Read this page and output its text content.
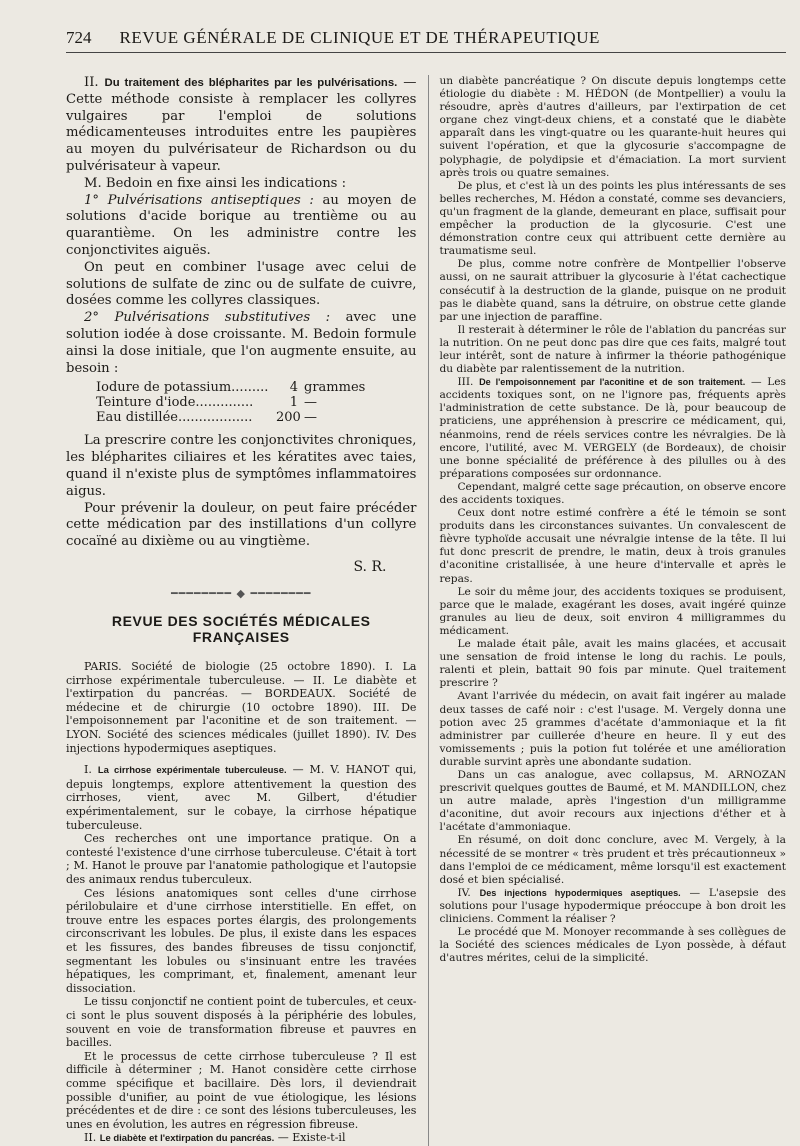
724 REVUE GÉNÉRALE DE CLINIQUE ET DE THÉRAPEUTIQUE

II. Du traitement des blépharites par les pulvérisations. — Cette méthode consiste à remplacer les collyres vulgaires par l'emploi de solutions médicamenteuses introduites entre les paupières au moyen du pulvérisateur de Richardson ou du pulvérisateur à vapeur.

M. Bedoin en fixe ainsi les indications :

1° Pulvérisations antiseptiques : au moyen de solutions d'acide borique au trentième ou au quarantième. On les administre contre les conjonctivites aiguës.

On peut en combiner l'usage avec celui de solutions de sulfate de zinc ou de sulfate de cuivre, dosées comme les collyres classiques.

2° Pulvérisations substitutives : avec une solution iodée à dose croissante. M. Bedoin formule ainsi la dose initiale, que l'on augmente ensuite, au besoin :

Iodure de potassium.........	4 grammes
Teinture d'iode..............	1 —
Eau distillée..................	200 —

La prescrire contre les conjonctivites chroniques, les blépharites ciliaires et les kératites avec taies, quand il n'existe plus de symptômes inflammatoires aigus.

Pour prévenir la douleur, on peut faire précéder cette médication par des instillations d'un collyre cocaïné au dixième ou au vingtième.

S. R.
━━━━━━━━ ◆ ━━━━━━━━
REVUE DES SOCIÉTÉS MÉDICALES FRANÇAISES

PARIS. Société de biologie (25 octobre 1890). I. La cirrhose expérimentale tuberculeuse. — II. Le diabète et l'extirpation du pancréas. — BORDEAUX. Société de médecine et de chirurgie (10 octobre 1890). III. De l'empoisonnement par l'aconitine et de son traitement. — LYON. Société des sciences médicales (juillet 1890). IV. Des injections hypodermiques aseptiques.

I. La cirrhose expérimentale tuberculeuse. — M. V. HANOT qui, depuis longtemps, explore attentivement la question des cirrhoses, vient, avec M. Gilbert, d'étudier expérimentalement, sur le cobaye, la cirrhose hépatique tuberculeuse.

Ces recherches ont une importance pratique. On a contesté l'existence d'une cirrhose tuberculeuse. C'était à tort ; M. Hanot le prouve par l'anatomie pathologique et l'autopsie des animaux rendus tuberculeux.

Ces lésions anatomiques sont celles d'une cirrhose périlobulaire et d'une cirrhose interstitielle. En effet, on trouve entre les espaces portes élargis, des prolongements circonscrivant les lobules. De plus, il existe dans les espaces et les fissures, des bandes fibreuses de tissu conjonctif, segmentant les lobules ou s'insinuant entre les travées hépatiques, les comprimant, et, finalement, amenant leur dissociation.

Le tissu conjonctif ne contient point de tubercules, et ceux-ci sont le plus souvent disposés à la périphérie des lobules, souvent en voie de transformation fibreuse et pauvres en bacilles.

Et le processus de cette cirrhose tuberculeuse ? Il est difficile à déterminer ; M. Hanot considère cette cirrhose comme spécifique et bacillaire. Dès lors, il deviendrait possible d'unifier, au point de vue étiologique, les lésions précédentes et de dire : ce sont des lésions tuberculeuses, les unes en évolution, les autres en régression fibreuse.

II. Le diabète et l'extirpation du pancréas. — Existe-t-il

un diabète pancréatique ? On discute depuis longtemps cette étiologie du diabète : M. HÉDON (de Montpellier) a voulu la résoudre, après d'autres d'ailleurs, par l'extirpation de cet organe chez vingt-deux chiens, et a constaté que le diabète apparaît dans les vingt-quatre ou les quarante-huit heures qui suivent l'opération, et que la glycosurie s'accompagne de polyphagie, de polydipsie et d'émaciation. La mort survient après trois ou quatre semaines.

De plus, et c'est là un des points les plus intéressants de ses belles recherches, M. Hédon a constaté, comme ses devanciers, qu'un fragment de la glande, demeurant en place, suffisait pour empêcher la production de la glycosurie. C'est une démonstration contre ceux qui attribuent cette dernière au traumatisme seul.

De plus, comme notre confrère de Montpellier l'observe aussi, on ne saurait attribuer la glycosurie à l'état cachectique consécutif à la destruction de la glande, puisque on ne produit pas le diabète quand, sans la détruire, on obstrue cette glande par une injection de paraffine.

Il resterait à déterminer le rôle de l'ablation du pancréas sur la nutrition. On ne peut donc pas dire que ces faits, malgré tout leur intérêt, sont de nature à infirmer la théorie pathogénique du diabète par ralentissement de la nutrition.

III. De l'empoisonnement par l'aconitine et de son traitement. — Les accidents toxiques sont, on ne l'ignore pas, fréquents après l'administration de cette substance. De là, pour beaucoup de praticiens, une appréhension à prescrire ce médicament, qui, néanmoins, rend de réels services contre les névralgies. De là encore, l'utilité, avec M. VERGELY (de Bordeaux), de choisir une bonne spécialité de préférence à des pilulles ou à des préparations composées sur ordonnance.

Cependant, malgré cette sage précaution, on observe encore des accidents toxiques.

Ceux dont notre estimé confrère a été le témoin se sont produits dans les circonstances suivantes. Un convalescent de fièvre typhoïde accusait une névralgie intense de la tête. Il lui fut donc prescrit de prendre, le matin, deux à trois granules d'aconitine cristallisée, à une heure d'intervalle et après le repas.

Le soir du même jour, des accidents toxiques se produisent, parce que le malade, exagérant les doses, avait ingéré quinze granules au lieu de deux, soit environ 4 milligrammes du médicament.

Le malade était pâle, avait les mains glacées, et accusait une sensation de froid intense le long du rachis. Le pouls, ralenti et plein, battait 90 fois par minute. Quel traitement prescrire ?

Avant l'arrivée du médecin, on avait fait ingérer au malade deux tasses de café noir : c'est l'usage. M. Vergely donna une potion avec 25 grammes d'acétate d'ammoniaque et la fit administrer par cuillerée d'heure en heure. Il y eut des vomissements ; puis la potion fut tolérée et une amélioration durable survint après une abondante sudation.

Dans un cas analogue, avec collapsus, M. ARNOZAN prescrivit quelques gouttes de Baumé, et M. MANDILLON, chez un autre malade, après l'ingestion d'un milligramme d'aconitine, dut avoir recours aux injections d'éther et à l'acétate d'ammoniaque.

En résumé, on doit donc conclure, avec M. Vergely, à la nécessité de se montrer « très prudent et très précautionneux » dans l'emploi de ce médicament, même lorsqu'il est exactement dosé et bien spécialisé.

IV. Des injections hypodermiques aseptiques. — L'asepsie des solutions pour l'usage hypodermique préoccupe à bon droit les cliniciens. Comment la réaliser ?

Le procédé que M. Monoyer recommande à ses collègues de la Société des sciences médicales de Lyon possède, à défaut d'autres mérites, celui de la simplicité.
